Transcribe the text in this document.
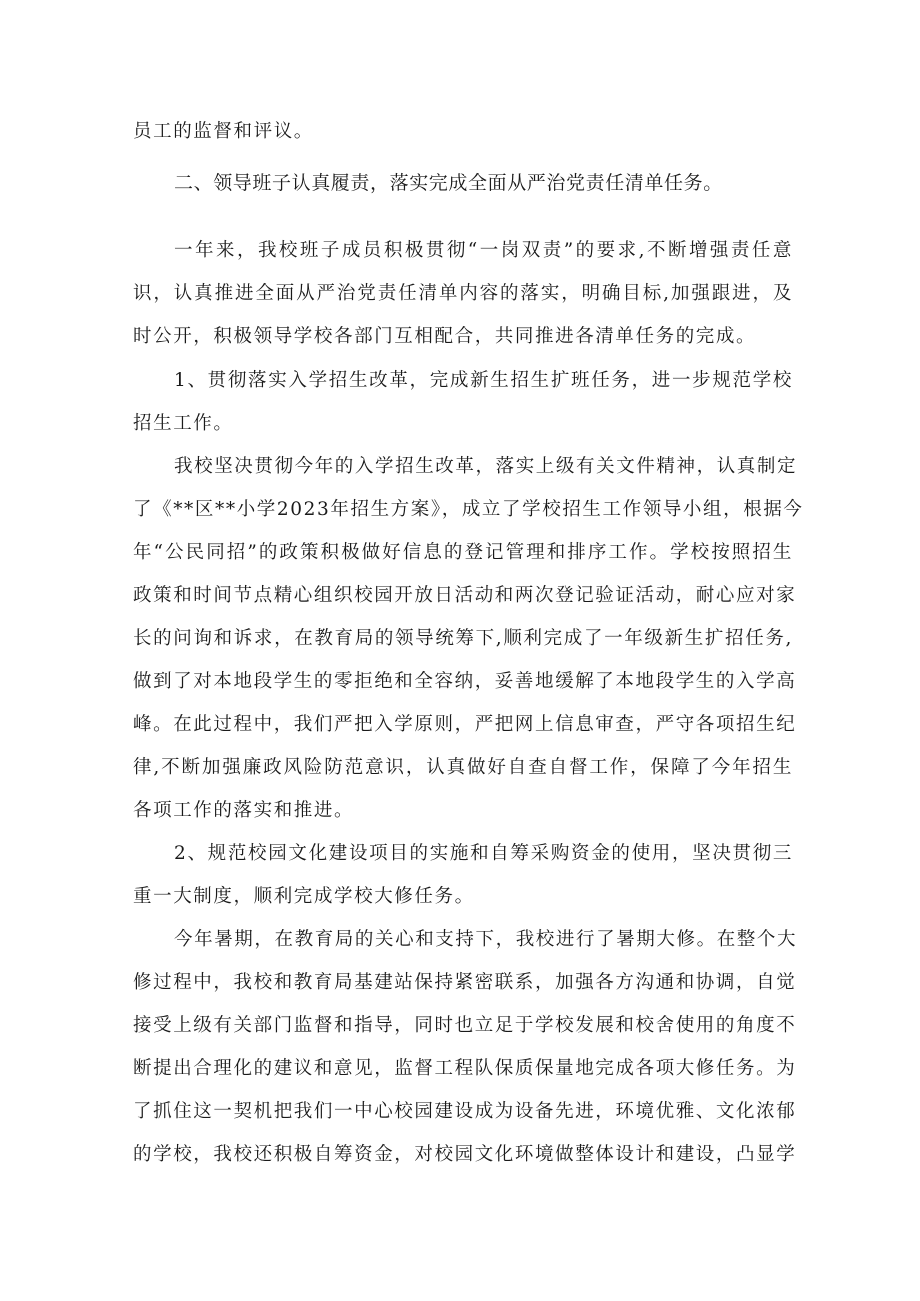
员工的监督和评议。
二、领导班子认真履责，落实完成全面从严治党责任清单任务。
一年来，我校班子成员积极贯彻“一岗双责”的要求,不断增强责任意
识，认真推进全面从严治党责任清单内容的落实，明确目标,加强跟进，及
时公开，积极领导学校各部门互相配合，共同推进各清单任务的完成。
1、贯彻落实入学招生改革，完成新生招生扩班任务，进一步规范学校
招生工作。
我校坚决贯彻今年的入学招生改革，落实上级有关文件精神，认真制定
了《**区**小学2023年招生方案》，成立了学校招生工作领导小组，根据今
年“公民同招”的政策积极做好信息的登记管理和排序工作。学校按照招生
政策和时间节点精心组织校园开放日活动和两次登记验证活动，耐心应对家
长的问询和诉求，在教育局的领导统筹下,顺利完成了一年级新生扩招任务,
做到了对本地段学生的零拒绝和全容纳，妥善地缓解了本地段学生的入学高
峰。在此过程中，我们严把入学原则，严把网上信息审查，严守各项招生纪
律,不断加强廉政风险防范意识，认真做好自查自督工作，保障了今年招生
各项工作的落实和推进。
2、规范校园文化建设项目的实施和自筹采购资金的使用，坚决贯彻三
重一大制度，顺利完成学校大修任务。
今年暑期，在教育局的关心和支持下，我校进行了暑期大修。在整个大
修过程中，我校和教育局基建站保持紧密联系，加强各方沟通和协调，自觉
接受上级有关部门监督和指导，同时也立足于学校发展和校舍使用的角度不
断提出合理化的建议和意见，监督工程队保质保量地完成各项大修任务。为
了抓住这一契机把我们一中心校园建设成为设备先进，环境优雅、文化浓郁
的学校，我校还积极自筹资金，对校园文化环境做整体设计和建设，凸显学
